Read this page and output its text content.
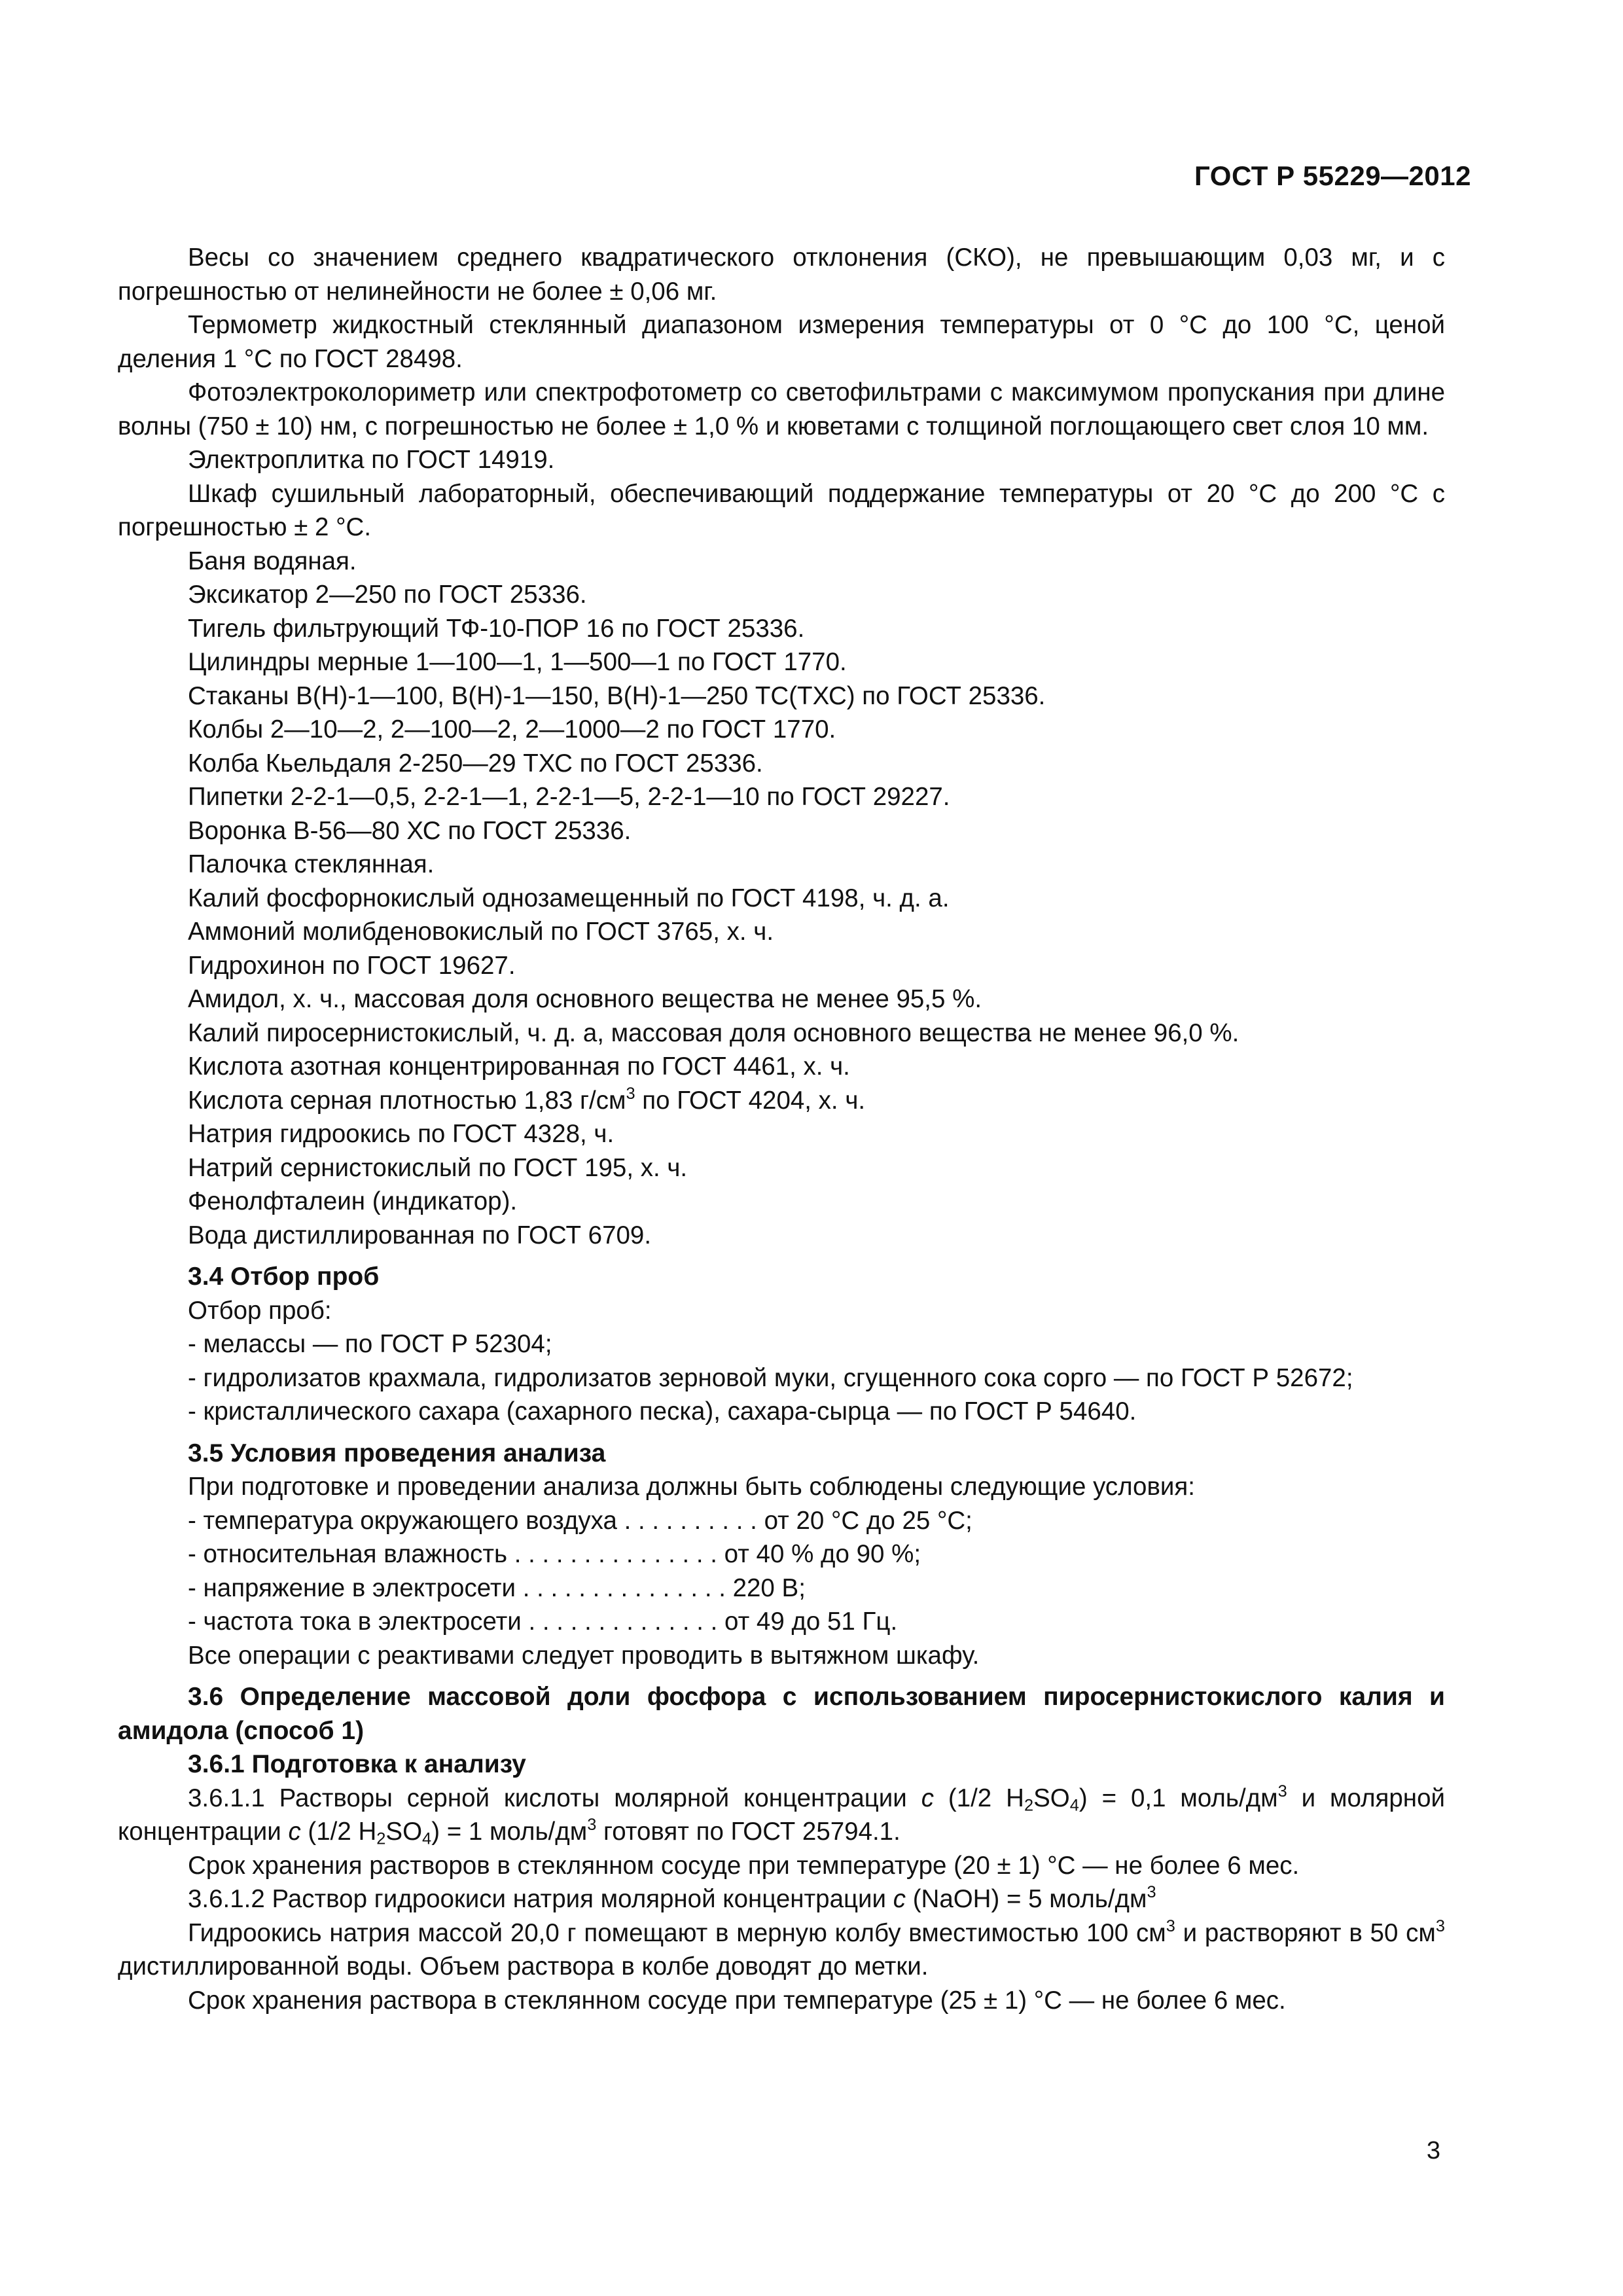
ГОСТ Р 55229—2012

Весы со значением среднего квадратического отклонения (СКО), не превышающим 0,03 мг, и с погрешностью от нелинейности не более ± 0,06 мг.

Термометр жидкостный стеклянный диапазоном измерения температуры от 0 °С до 100 °С, ценой деления 1 °С по ГОСТ 28498.

Фотоэлектроколориметр или спектрофотометр со светофильтрами с максимумом пропускания при длине волны (750 ± 10) нм, с погрешностью не более ± 1,0 % и кюветами с толщиной поглощающего свет слоя 10 мм.

Электроплитка по ГОСТ 14919.

Шкаф сушильный лабораторный, обеспечивающий поддержание температуры от 20 °С до 200 °С с погрешностью ± 2 °С.

Баня водяная.

Эксикатор 2—250 по ГОСТ 25336.

Тигель фильтрующий ТФ-10-ПОР 16 по ГОСТ 25336.

Цилиндры мерные 1—100—1, 1—500—1 по ГОСТ 1770.

Стаканы В(Н)-1—100, В(Н)-1—150, В(Н)-1—250 ТС(ТХС) по ГОСТ 25336.

Колбы 2—10—2, 2—100—2, 2—1000—2 по ГОСТ 1770.

Колба Кьельдаля 2-250—29 ТХС по ГОСТ 25336.

Пипетки 2-2-1—0,5, 2-2-1—1, 2-2-1—5, 2-2-1—10 по ГОСТ 29227.

Воронка В-56—80 ХС по ГОСТ 25336.

Палочка стеклянная.

Калий фосфорнокислый однозамещенный по ГОСТ 4198, ч. д. а.

Аммоний молибденовокислый по ГОСТ 3765, х. ч.

Гидрохинон по ГОСТ 19627.

Амидол, х. ч., массовая доля основного вещества не менее 95,5 %.

Калий пиросернистокислый, ч. д. а, массовая доля основного вещества не менее 96,0 %.

Кислота азотная концентрированная по ГОСТ 4461, х. ч.

Кислота серная плотностью 1,83 $г/см^3$ по ГОСТ 4204, х. ч.

Натрия гидроокись по ГОСТ 4328, ч.

Натрий сернистокислый по ГОСТ 195, х. ч.

Фенолфталеин (индикатор).

Вода дистиллированная по ГОСТ 6709.

3.4 Отбор проб

Отбор проб:

- мелассы — по ГОСТ Р 52304;

- гидролизатов крахмала, гидролизатов зерновой муки, сгущенного сока сорго — по ГОСТ Р 52672;

- кристаллического сахара (сахарного песка), сахара-сырца — по ГОСТ Р 54640.

3.5 Условия проведения анализа

При подготовке и проведении анализа должны быть соблюдены следующие условия:

- температура окружающего воздуха . . . . . . . . . . от 20 °С до 25 °С;

- относительная влажность . . . . . . . . . . . . . . . от 40 % до 90 %;

- напряжение в электросети . . . . . . . . . . . . . . . 220 В;

- частота тока в электросети . . . . . . . . . . . . . . от 49 до 51 Гц.

Все операции с реактивами следует проводить в вытяжном шкафу.

3.6 Определение массовой доли фосфора с использованием пиросернистокислого калия и амидола (способ 1)

3.6.1 Подготовка к анализу

3.6.1.1 Растворы серной кислоты молярной концентрации с (1/2 $H_2SO_4) = 0,1$ моль/$дм^3$ и молярной концентрации с (1/2 $H_2SO_4) = 1$ моль/$дм^3$ готовят по ГОСТ 25794.1.

Срок хранения растворов в стеклянном сосуде при температуре (20 ± 1) °С — не более 6 мес.

3.6.1.2 Раствор гидроокиси натрия молярной концентрации с (NaOH) = 5 моль/$дм^3$

Гидроокись натрия массой 20,0 г помещают в мерную колбу вместимостью 100 $см^3$ и растворяют в 50 $см^3$ дистиллированной воды. Объем раствора в колбе доводят до метки.

Срок хранения раствора в стеклянном сосуде при температуре (25 ± 1) °С — не более 6 мес.

3
